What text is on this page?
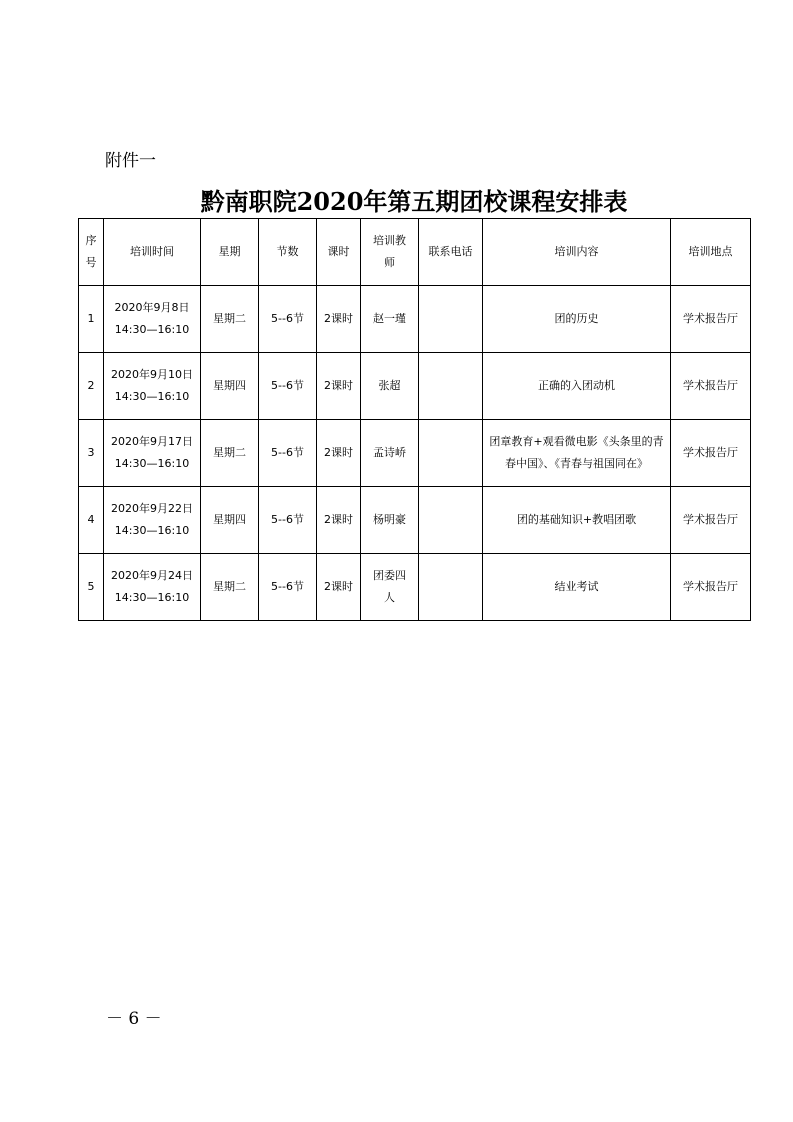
附件一
黔南职院2020年第五期团校课程安排表
序
号	培训时间	星期	节数	课时	培训教
师	联系电话	培训内容	培训地点

1	2020年9月8日
14:30—16:10	星期二	5--6节	2课时	赵一瑾		团的历史	学术报告厅

2	2020年9月10日
14:30—16:10	星期四	5--6节	2课时	张超		正确的入团动机	学术报告厅

3	2020年9月17日
14:30—16:10	星期二	5--6节	2课时	孟诗峤		团章教育+观看微电影《头条里的青
春中国》、《青春与祖国同在》	学术报告厅

4	2020年9月22日
14:30—16:10	星期四	5--6节	2课时	杨明豪		团的基础知识+教唱团歌	学术报告厅

5	2020年9月24日
14:30—16:10	星期二	5--6节	2课时	团委四
人		结业考试	学术报告厅
－ 6 －
